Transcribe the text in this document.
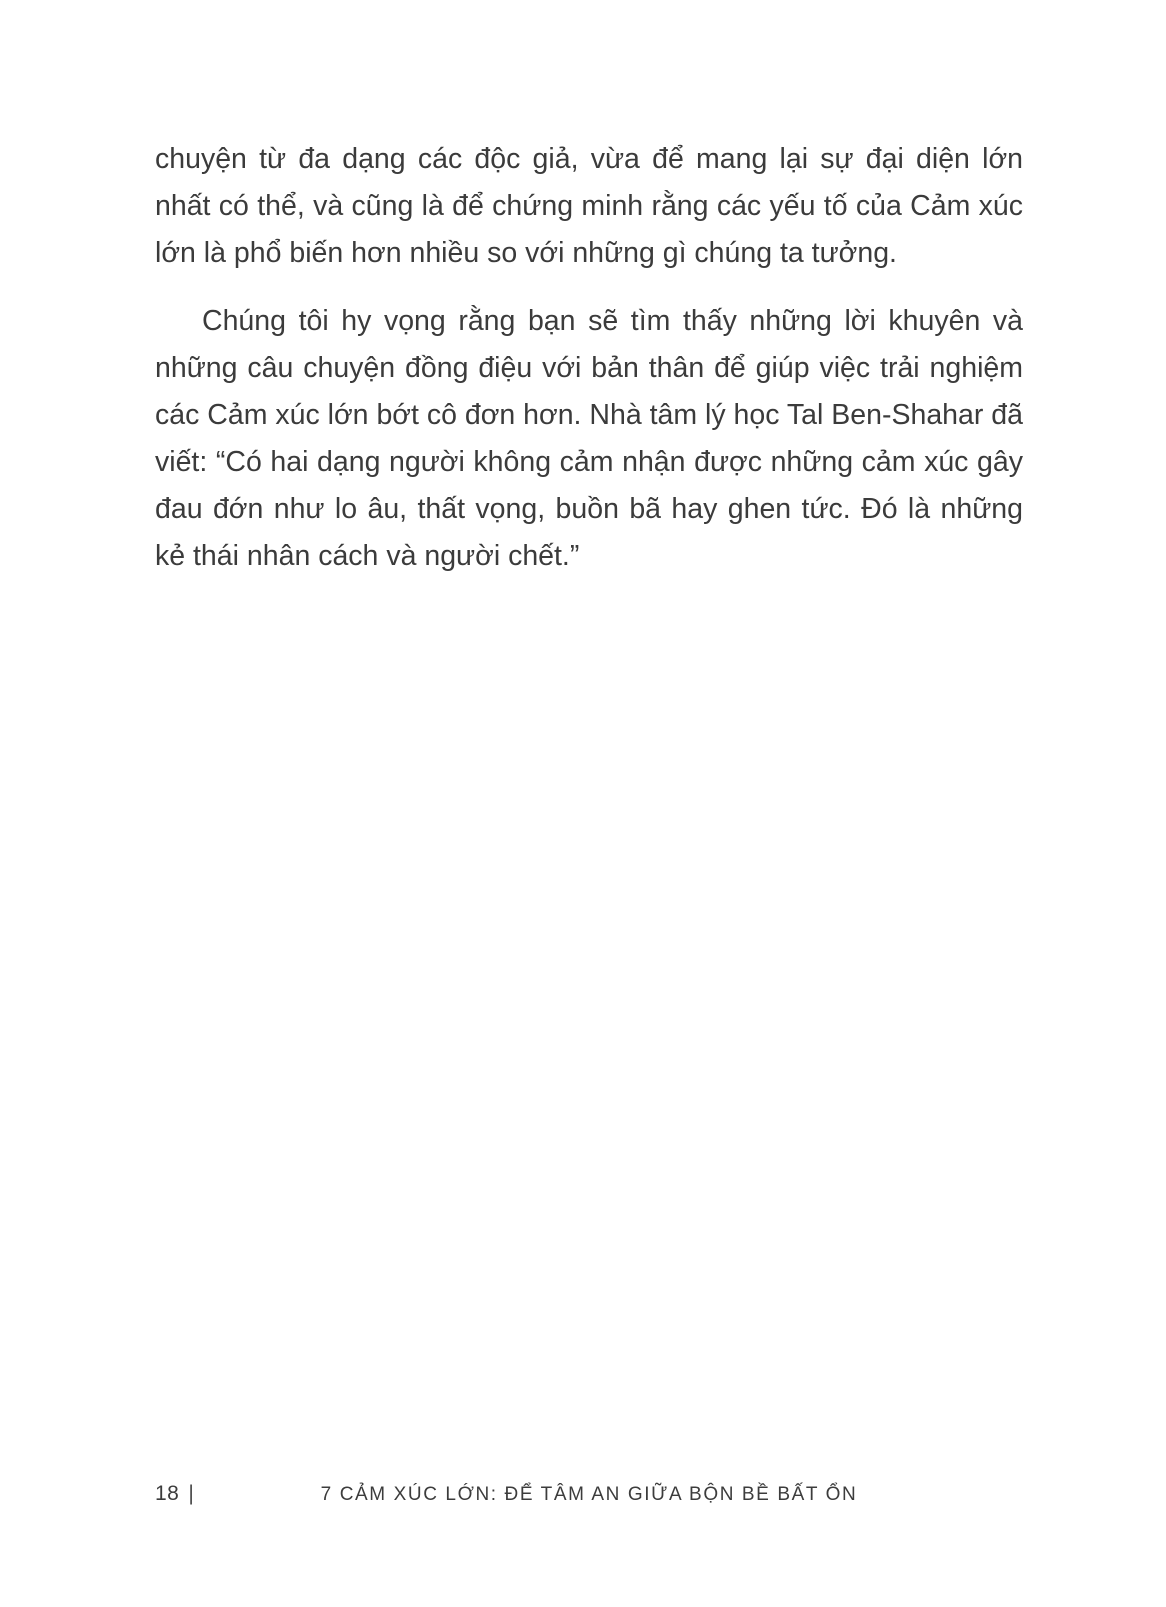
chuyện từ đa dạng các độc giả, vừa để mang lại sự đại diện lớn nhất có thể, và cũng là để chứng minh rằng các yếu tố của Cảm xúc lớn là phổ biến hơn nhiều so với những gì chúng ta tưởng.

Chúng tôi hy vọng rằng bạn sẽ tìm thấy những lời khuyên và những câu chuyện đồng điệu với bản thân để giúp việc trải nghiệm các Cảm xúc lớn bớt cô đơn hơn. Nhà tâm lý học Tal Ben-Shahar đã viết: “Có hai dạng người không cảm nhận được những cảm xúc gây đau đớn như lo âu, thất vọng, buồn bã hay ghen tức. Đó là những kẻ thái nhân cách và người chết.”

18 |	7 CẢM XÚC LỚN: ĐỂ TÂM AN GIỮA BỘN BỀ BẤT ỔN
